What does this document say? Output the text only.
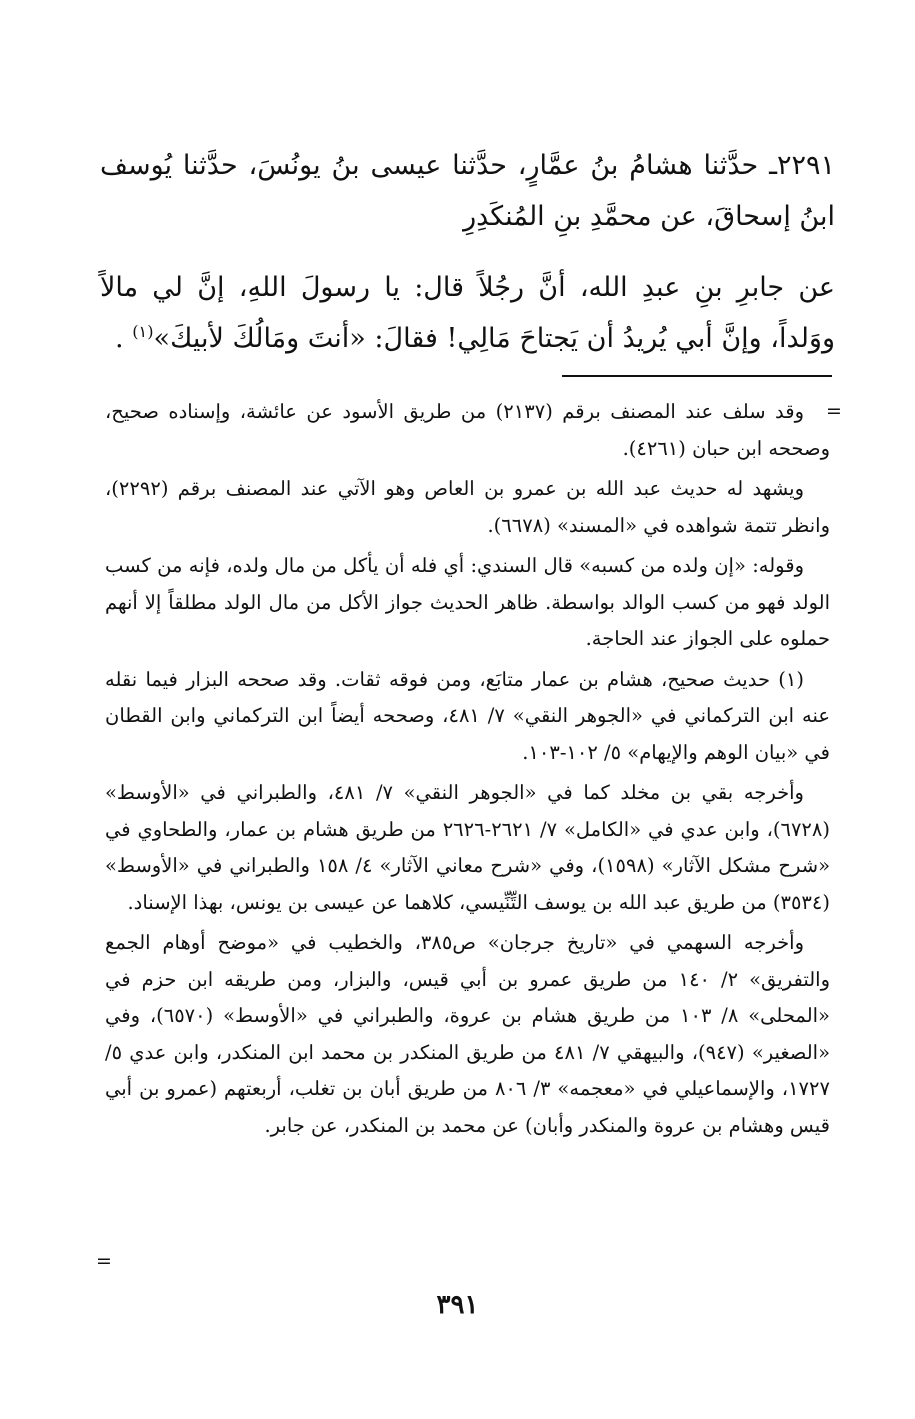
٢٢٩١ـ حدَّثنا هشامُ بنُ عمَّارٍ، حدَّثنا عيسى بنُ يونُسَ، حدَّثنا يُوسف ابنُ إسحاقَ، عن محمَّدِ بنِ المُنكَدِرِ

عن جابرِ بنِ عبدِ الله، أنَّ رجُلاً قال: يا رسولَ اللهِ، إنَّ لي مالاً ووَلداً، وإنَّ أبي يُريدُ أن يَجتاحَ مَالِي! فقالَ: «أنتَ ومَالُكَ لأبيكَ»$^{(١)}$ .

=

وقد سلف عند المصنف برقم (٢١٣٧) من طريق الأسود عن عائشة، وإسناده صحيح، وصححه ابن حبان (٤٢٦١).

ويشهد له حديث عبد الله بن عمرو بن العاص وهو الآتي عند المصنف برقم (٢٢٩٢)، وانظر تتمة شواهده في «المسند» (٦٦٧٨).

وقوله: «إن ولده من كسبه» قال السندي: أي فله أن يأكل من مال ولده، فإنه من كسب الولد فهو من كسب الوالد بواسطة. ظاهر الحديث جواز الأكل من مال الولد مطلقاً إلا أنهم حملوه على الجواز عند الحاجة.

(١) حديث صحيح، هشام بن عمار متابَع، ومن فوقه ثقات. وقد صححه البزار فيما نقله عنه ابن التركماني في «الجوهر النقي» ٧/ ٤٨١، وصححه أيضاً ابن التركماني وابن القطان في «بيان الوهم والإيهام» ٥/ ١٠٢-١٠٣.

وأخرجه بقي بن مخلد كما في «الجوهر النقي» ٧/ ٤٨١، والطبراني في «الأوسط» (٦٧٢٨)، وابن عدي في «الكامل» ٧/ ٢٦٢١-٢٦٢٦ من طريق هشام بن عمار، والطحاوي في «شرح مشكل الآثار» (١٥٩٨)، وفي «شرح معاني الآثار» ٤/ ١٥٨ والطبراني في «الأوسط» (٣٥٣٤) من طريق عبد الله بن يوسف التِّنِّيسي، كلاهما عن عيسى بن يونس، بهذا الإسناد.

وأخرجه السهمي في «تاريخ جرجان» ص٣٨٥، والخطيب في «موضح أوهام الجمع والتفريق» ٢/ ١٤٠ من طريق عمرو بن أبي قيس، والبزار، ومن طريقه ابن حزم في «المحلى» ٨/ ١٠٣ من طريق هشام بن عروة، والطبراني في «الأوسط» (٦٥٧٠)، وفي «الصغير» (٩٤٧)، والبيهقي ٧/ ٤٨١ من طريق المنكدر بن محمد ابن المنكدر، وابن عدي ٥/ ١٧٢٧، والإسماعيلي في «معجمه» ٣/ ٨٠٦ من طريق أبان بن تغلب، أربعتهم (عمرو بن أبي قيس وهشام بن عروة والمنكدر وأبان) عن محمد بن المنكدر، عن جابر.

=
٣٩١
